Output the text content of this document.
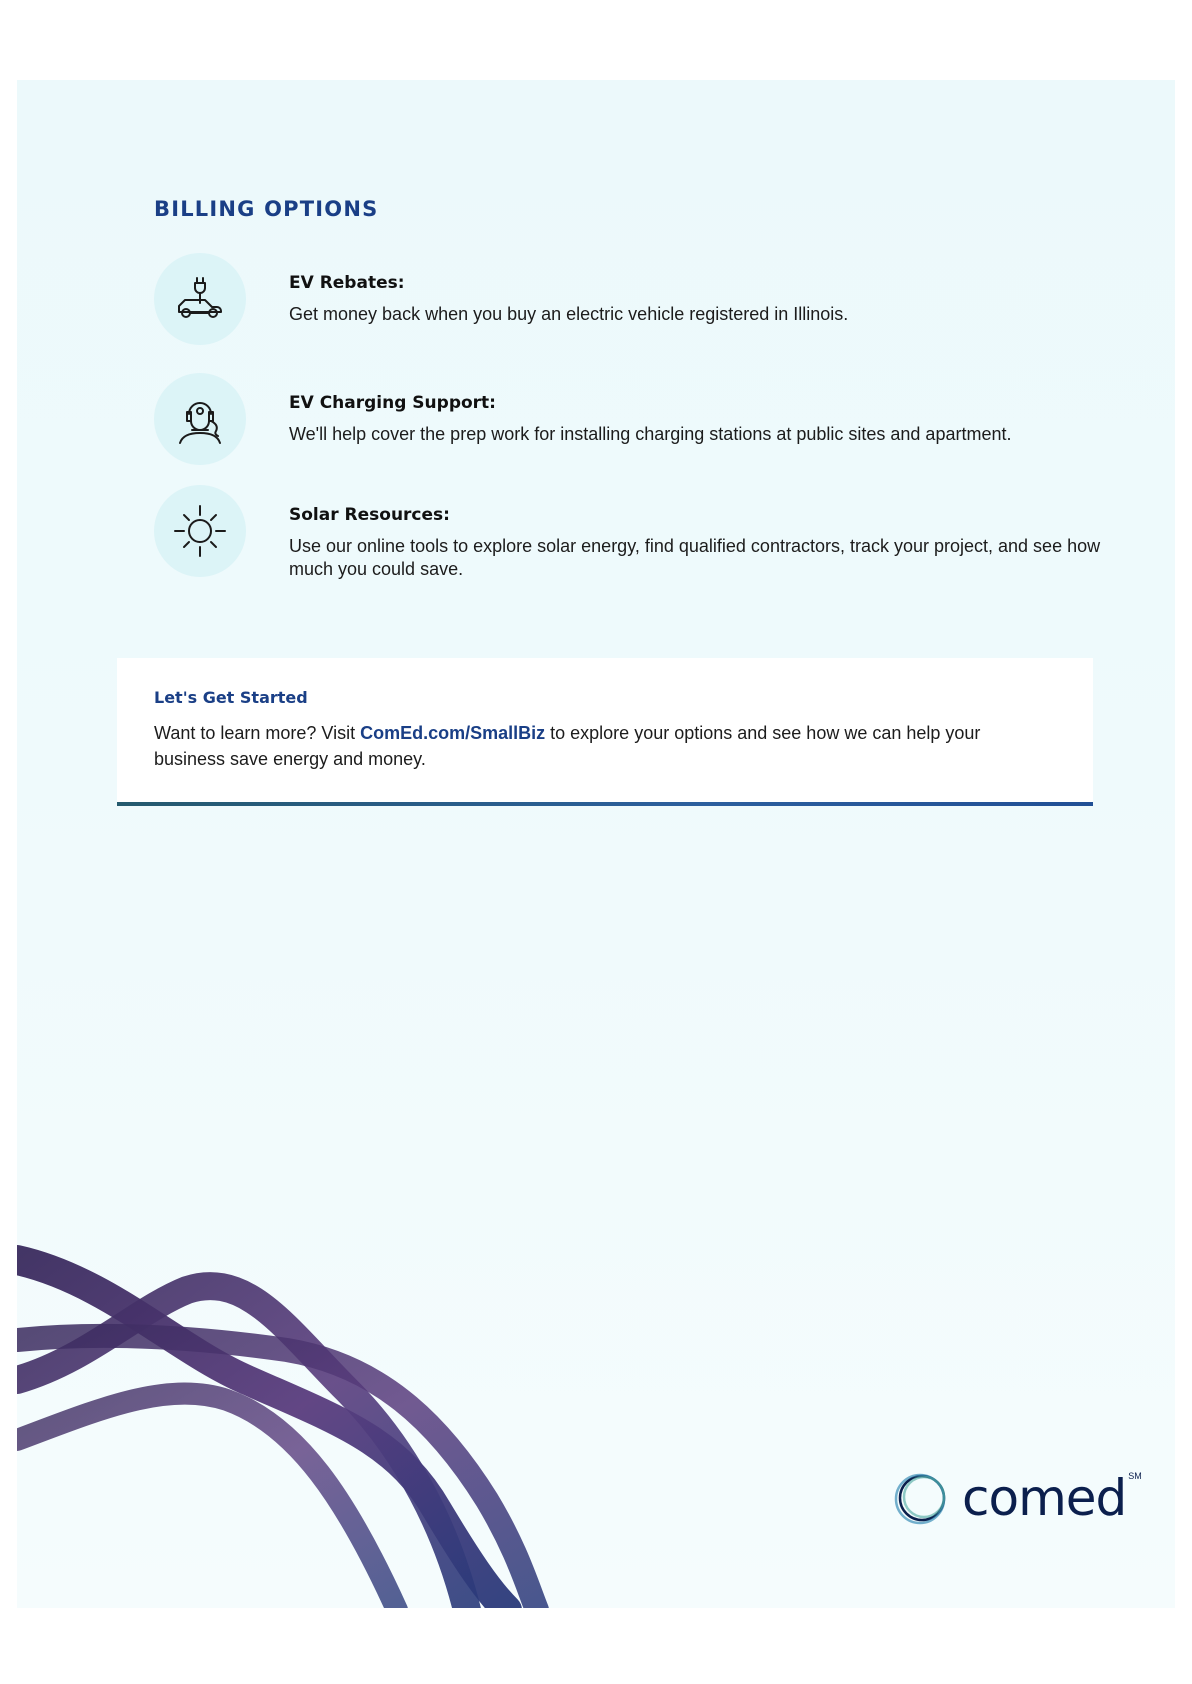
BILLING OPTIONS
EV Rebates:
Get money back when you buy an electric vehicle registered in Illinois.
EV Charging Support:
We'll help cover the prep work for installing charging stations at public sites and apartment.
Solar Resources:
Use our online tools to explore solar energy, find qualified contractors, track your project, and see how much you could save.
Let's Get Started
Want to learn more? Visit ComEd.com/SmallBiz to explore your options and see how we can help your business save energy and money.
comed SM
